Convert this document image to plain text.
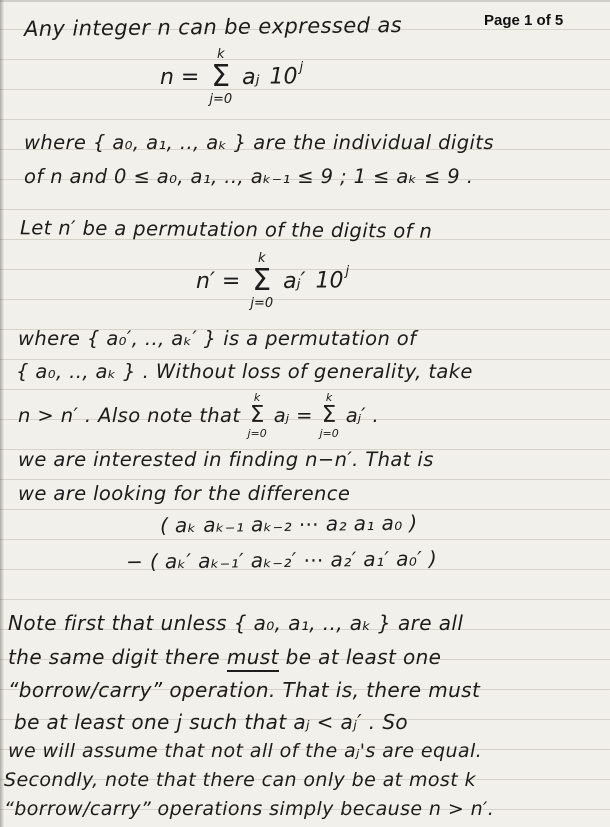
Page 1 of 5
Any integer n can be expressed as
n =
k
Σ
j=0
aⱼ 10 $^j$
where { a₀, a₁, .., aₖ } are the individual digits
of n and 0 ≤ a₀, a₁, .., aₖ₋₁ ≤ 9 ; 1 ≤ aₖ ≤ 9 .
Let n′ be a permutation of the digits of n
n′ =
k
Σ
j=0
aⱼ′ 10 $^j$
where { a₀′, .., aₖ′ } is a permutation of
{ a₀, .., aₖ } . Without loss of generality, take
n > n′ . Also note that
k
Σ
j=0
aⱼ =
k
Σ
j=0
aⱼ′ .
we are interested in finding n−n′. That is
we are looking for the difference
( aₖ aₖ₋₁ aₖ₋₂ ⋯ a₂ a₁ a₀ )
− ( aₖ′ aₖ₋₁′ aₖ₋₂′ ⋯ a₂′ a₁′ a₀′ )
Note first that unless { a₀, a₁, .., aₖ } are all
the same digit there must be at least one
“borrow/carry” operation. That is, there must
be at least one j such that aⱼ < aⱼ′ . So
we will assume that not all of the aⱼ's are equal.
Secondly, note that there can only be at most k
“borrow/carry” operations simply because n > n′.
